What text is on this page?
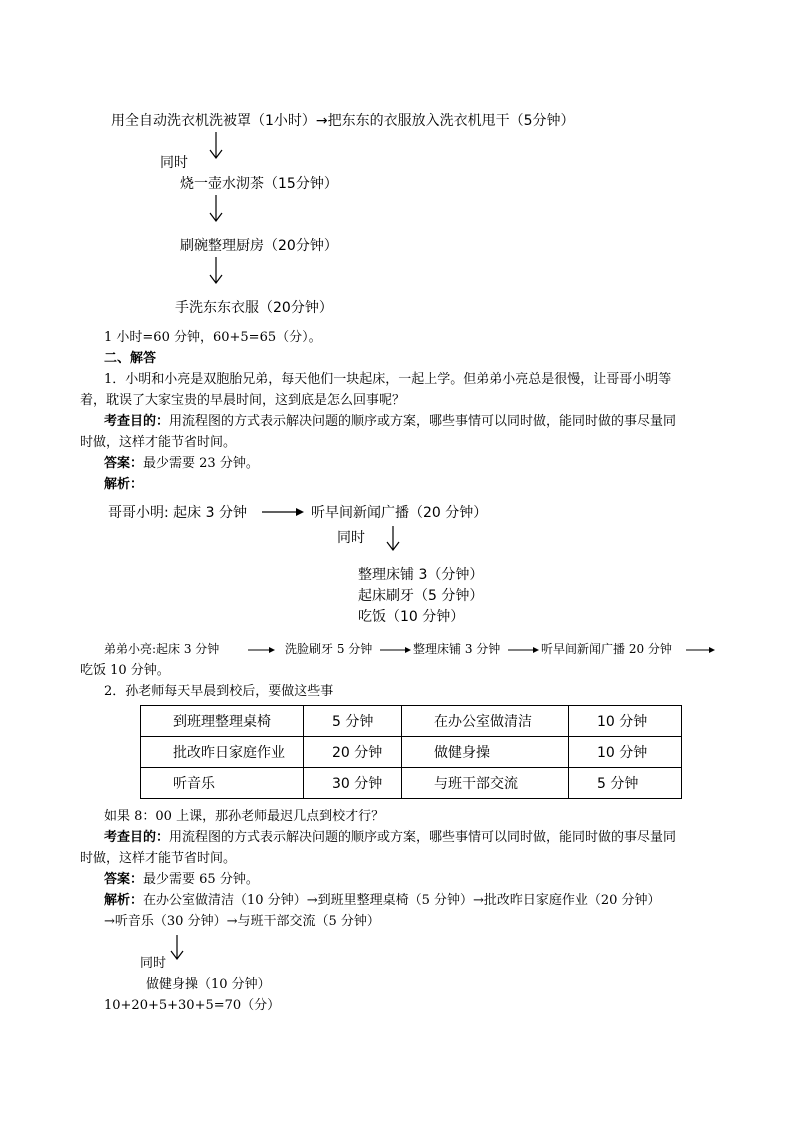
用全自动洗衣机洗被罩（1小时）→把东东的衣服放入洗衣机甩干（5分钟）
同时
烧一壶水沏茶（15分钟）
刷碗整理厨房（20分钟）
手洗东东衣服（20分钟）
1 小时=60 分钟，60+5=65（分）。
二、解答
1．小明和小亮是双胞胎兄弟，每天他们一块起床，一起上学。但弟弟小亮总是很慢，让哥哥小明等
着，耽误了大家宝贵的早晨时间，这到底是怎么回事呢？
考查目的：用流程图的方式表示解决问题的顺序或方案，哪些事情可以同时做，能同时做的事尽量同
时做，这样才能节省时间。
答案：最少需要 23 分钟。
解析：
哥哥小明: 起床 3 分钟	听早间新闻广播（20 分钟）
同时
整理床铺 3（分钟）
起床刷牙（5 分钟）
吃饭（10 分钟）
弟弟小亮:起床 3 分钟	洗脸刷牙 5 分钟	整理床铺 3 分钟	听早间新闻广播 20 分钟
吃饭 10 分钟。
2．孙老师每天早晨到校后，要做这些事
到班理整理桌椅	5 分钟	在办公室做清洁	10 分钟
批改昨日家庭作业	20 分钟	做健身操	10 分钟
听音乐	30 分钟	与班干部交流	5 分钟
如果 8：00 上课，那孙老师最迟几点到校才行？
考查目的：用流程图的方式表示解决问题的顺序或方案，哪些事情可以同时做，能同时做的事尽量同
时做，这样才能节省时间。
答案：最少需要 65 分钟。
解析：在办公室做清洁（10 分钟）→到班里整理桌椅（5 分钟）→批改昨日家庭作业（20 分钟）
→听音乐（30 分钟）→与班干部交流（5 分钟）
同时
做健身操（10 分钟）
10+20+5+30+5=70（分）
